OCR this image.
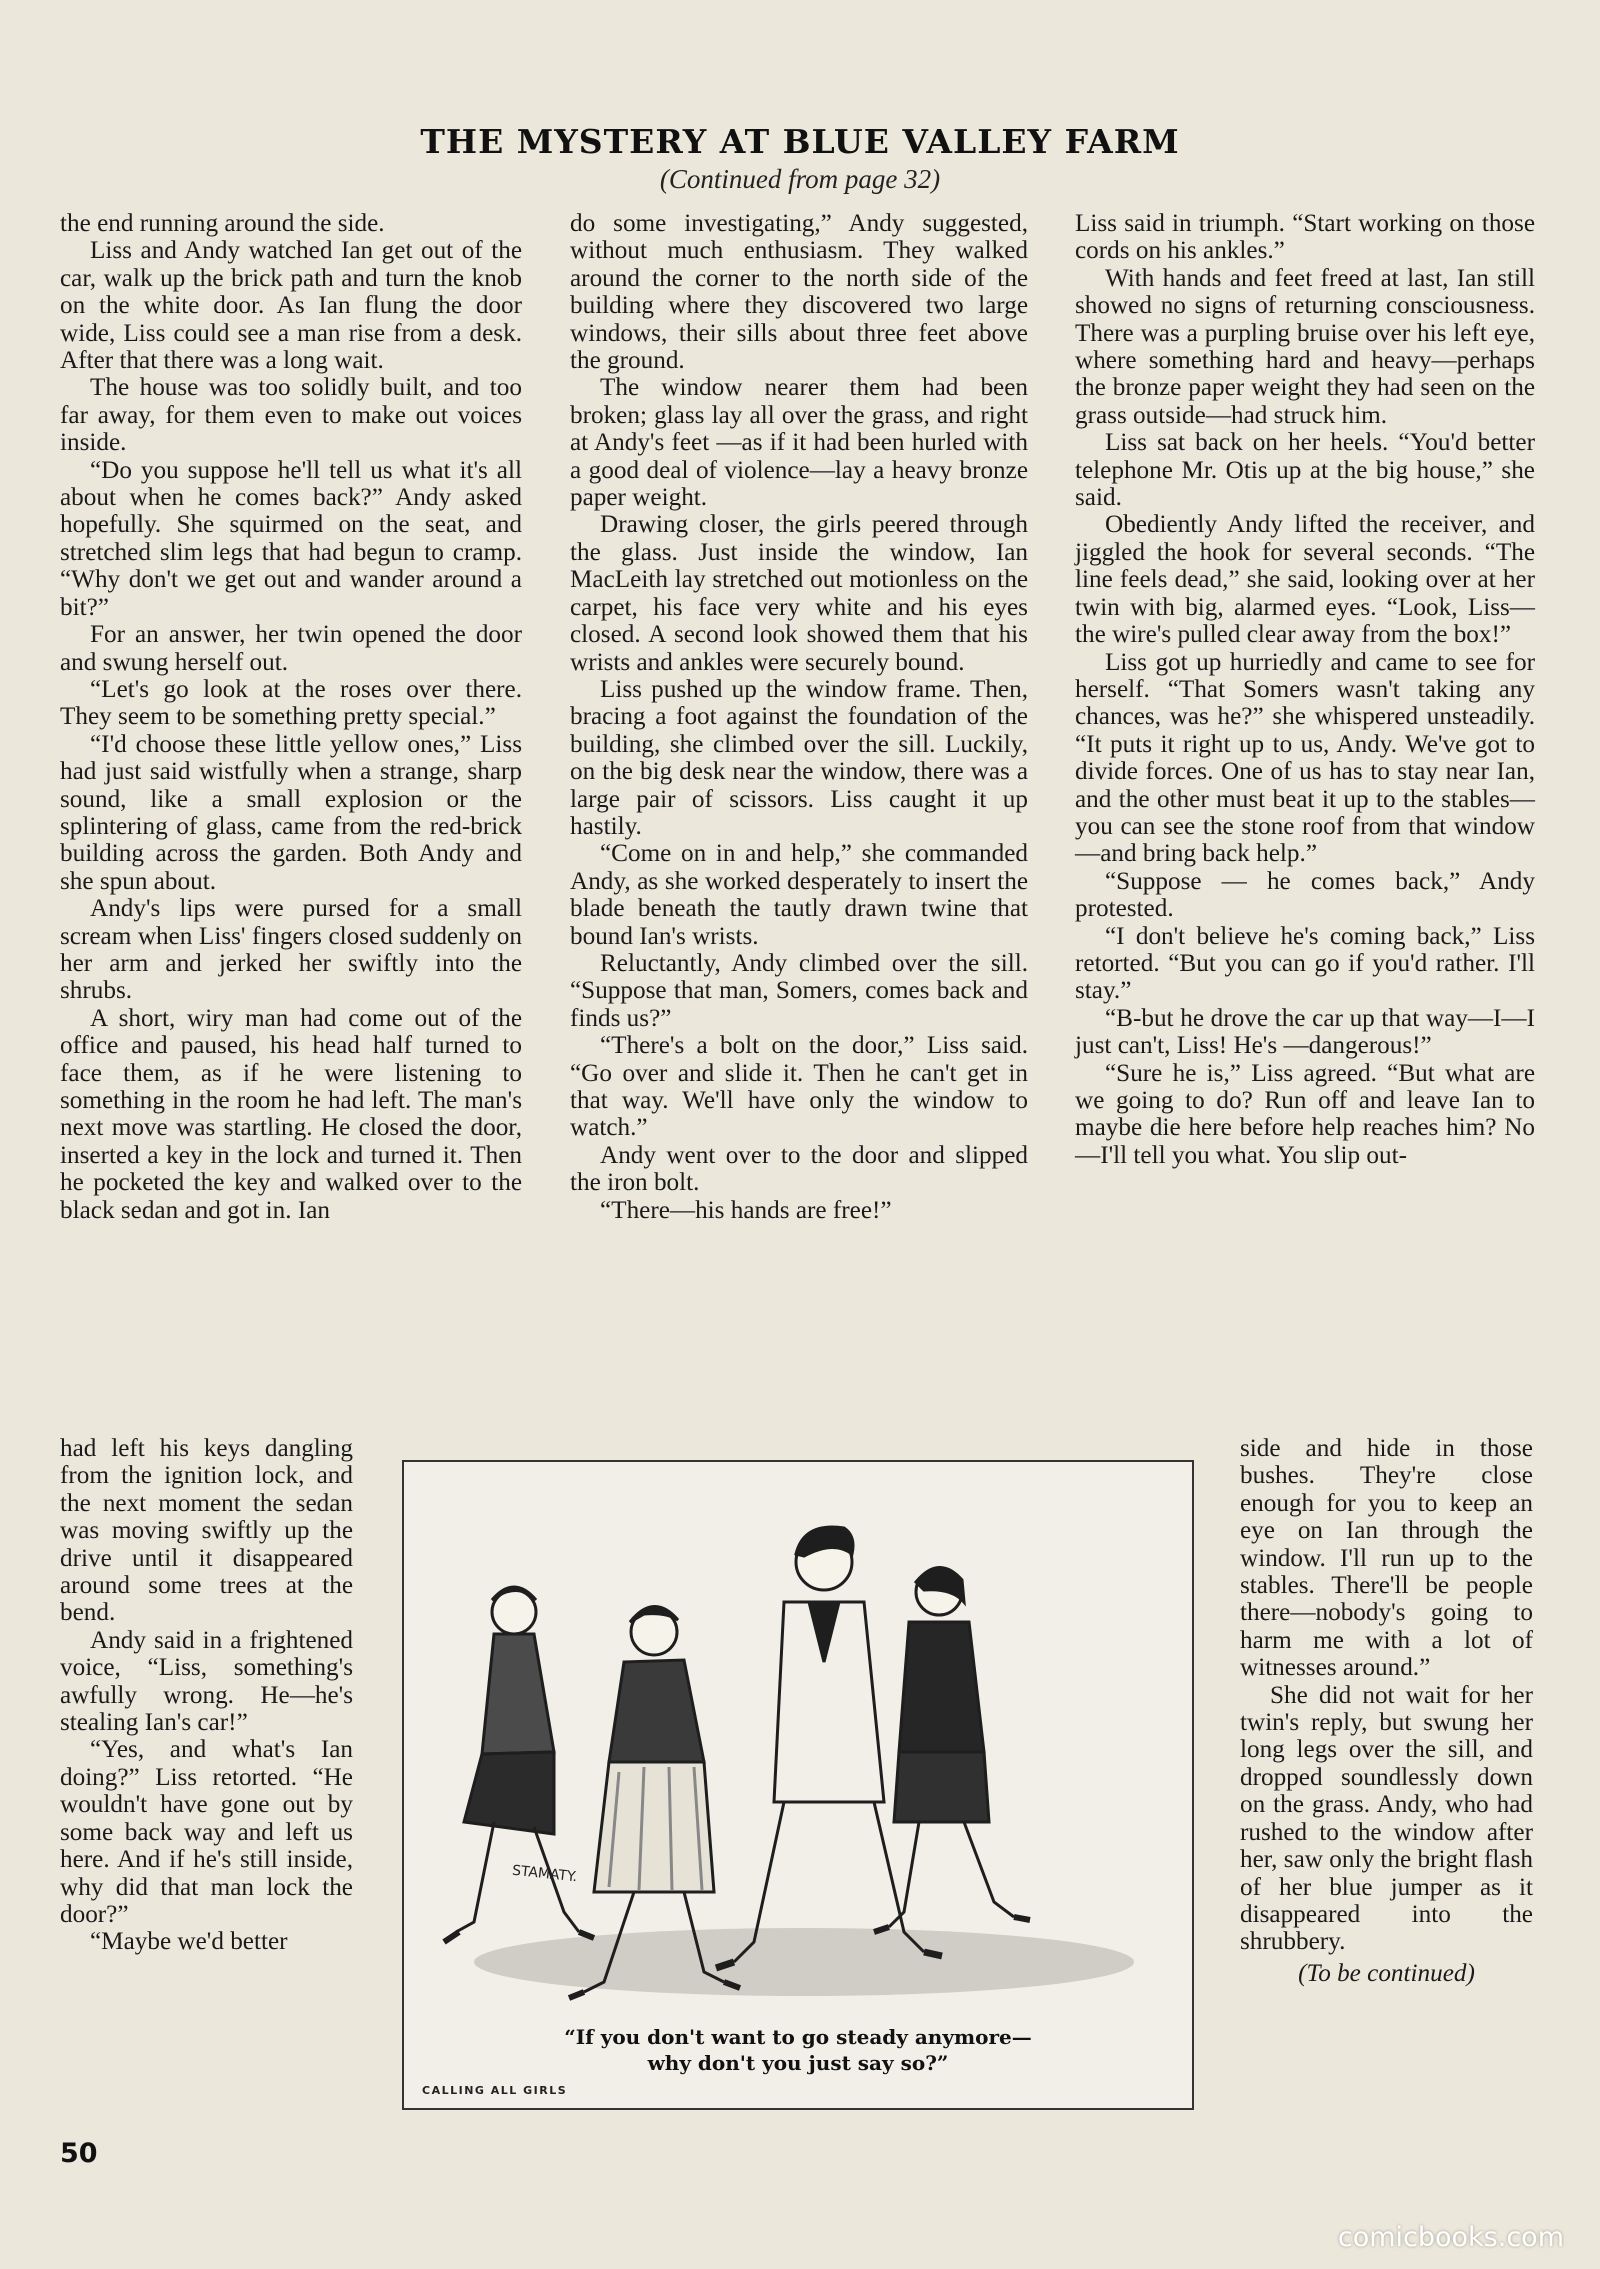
THE MYSTERY AT BLUE VALLEY FARM
(Continued from page 32)

the end running around the side.

Liss and Andy watched Ian get out of the car, walk up the brick path and turn the knob on the white door. As Ian flung the door wide, Liss could see a man rise from a desk. After that there was a long wait.

The house was too solidly built, and too far away, for them even to make out voices inside.

“Do you suppose he'll tell us what it's all about when he comes back?” Andy asked hopefully. She squirmed on the seat, and stretched slim legs that had begun to cramp. “Why don't we get out and wander around a bit?”

For an answer, her twin opened the door and swung herself out.

“Let's go look at the roses over there. They seem to be something pretty special.”

“I'd choose these little yellow ones,” Liss had just said wistfully when a strange, sharp sound, like a small explosion or the splintering of glass, came from the red-brick building across the garden. Both Andy and she spun about.

Andy's lips were pursed for a small scream when Liss' fingers closed suddenly on her arm and jerked her swiftly into the shrubs.

A short, wiry man had come out of the office and paused, his head half turned to face them, as if he were listening to something in the room he had left. The man's next move was startling. He closed the door, inserted a key in the lock and turned it. Then he pocketed the key and walked over to the black sedan and got in. Ian

had left his keys dangling from the ignition lock, and the next moment the sedan was moving swiftly up the drive until it disappeared around some trees at the bend.

Andy said in a frightened voice, “Liss, something's awfully wrong. He—he's stealing Ian's car!”

“Yes, and what's Ian doing?” Liss retorted. “He wouldn't have gone out by some back way and left us here. And if he's still inside, why did that man lock the door?”

“Maybe we'd better

do some investigating,” Andy suggested, without much enthusiasm. They walked around the corner to the north side of the building where they discovered two large windows, their sills about three feet above the ground.

The window nearer them had been broken; glass lay all over the grass, and right at Andy's feet —as if it had been hurled with a good deal of violence—lay a heavy bronze paper weight.

Drawing closer, the girls peered through the glass. Just inside the window, Ian MacLeith lay stretched out motionless on the carpet, his face very white and his eyes closed. A second look showed them that his wrists and ankles were securely bound.

Liss pushed up the window frame. Then, bracing a foot against the foundation of the building, she climbed over the sill. Luckily, on the big desk near the window, there was a large pair of scissors. Liss caught it up hastily.

“Come on in and help,” she commanded Andy, as she worked desperately to insert the blade beneath the tautly drawn twine that bound Ian's wrists.

Reluctantly, Andy climbed over the sill. “Suppose that man, Somers, comes back and finds us?”

“There's a bolt on the door,” Liss said. “Go over and slide it. Then he can't get in that way. We'll have only the window to watch.”

Andy went over to the door and slipped the iron bolt.

“There—his hands are free!”

Liss said in triumph. “Start working on those cords on his ankles.”

With hands and feet freed at last, Ian still showed no signs of returning consciousness. There was a purpling bruise over his left eye, where something hard and heavy—perhaps the bronze paper weight they had seen on the grass outside—had struck him.

Liss sat back on her heels. “You'd better telephone Mr. Otis up at the big house,” she said.

Obediently Andy lifted the receiver, and jiggled the hook for several seconds. “The line feels dead,” she said, looking over at her twin with big, alarmed eyes. “Look, Liss—the wire's pulled clear away from the box!”

Liss got up hurriedly and came to see for herself. “That Somers wasn't taking any chances, was he?” she whispered unsteadily. “It puts it right up to us, Andy. We've got to divide forces. One of us has to stay near Ian, and the other must beat it up to the stables—you can see the stone roof from that window—and bring back help.”

“Suppose — he comes back,” Andy protested.

“I don't believe he's coming back,” Liss retorted. “But you can go if you'd rather. I'll stay.”

“B-but he drove the car up that way—I—I just can't, Liss! He's —dangerous!”

“Sure he is,” Liss agreed. “But what are we going to do? Run off and leave Ian to maybe die here before help reaches him? No —I'll tell you what. You slip out-

side and hide in those bushes. They're close enough for you to keep an eye on Ian through the window. I'll run up to the stables. There'll be people there—nobody's going to harm me with a lot of witnesses around.”

She did not wait for her twin's reply, but swung her long legs over the sill, and dropped soundlessly down on the grass. Andy, who had rushed to the window after her, saw only the bright flash of her blue jumper as it disappeared into the shrubbery.

(To be continued)

STAMATY.
“If you don't want to go steady anymore—
why don't you just say so?”
CALLING ALL GIRLS
50
comicbooks.com
